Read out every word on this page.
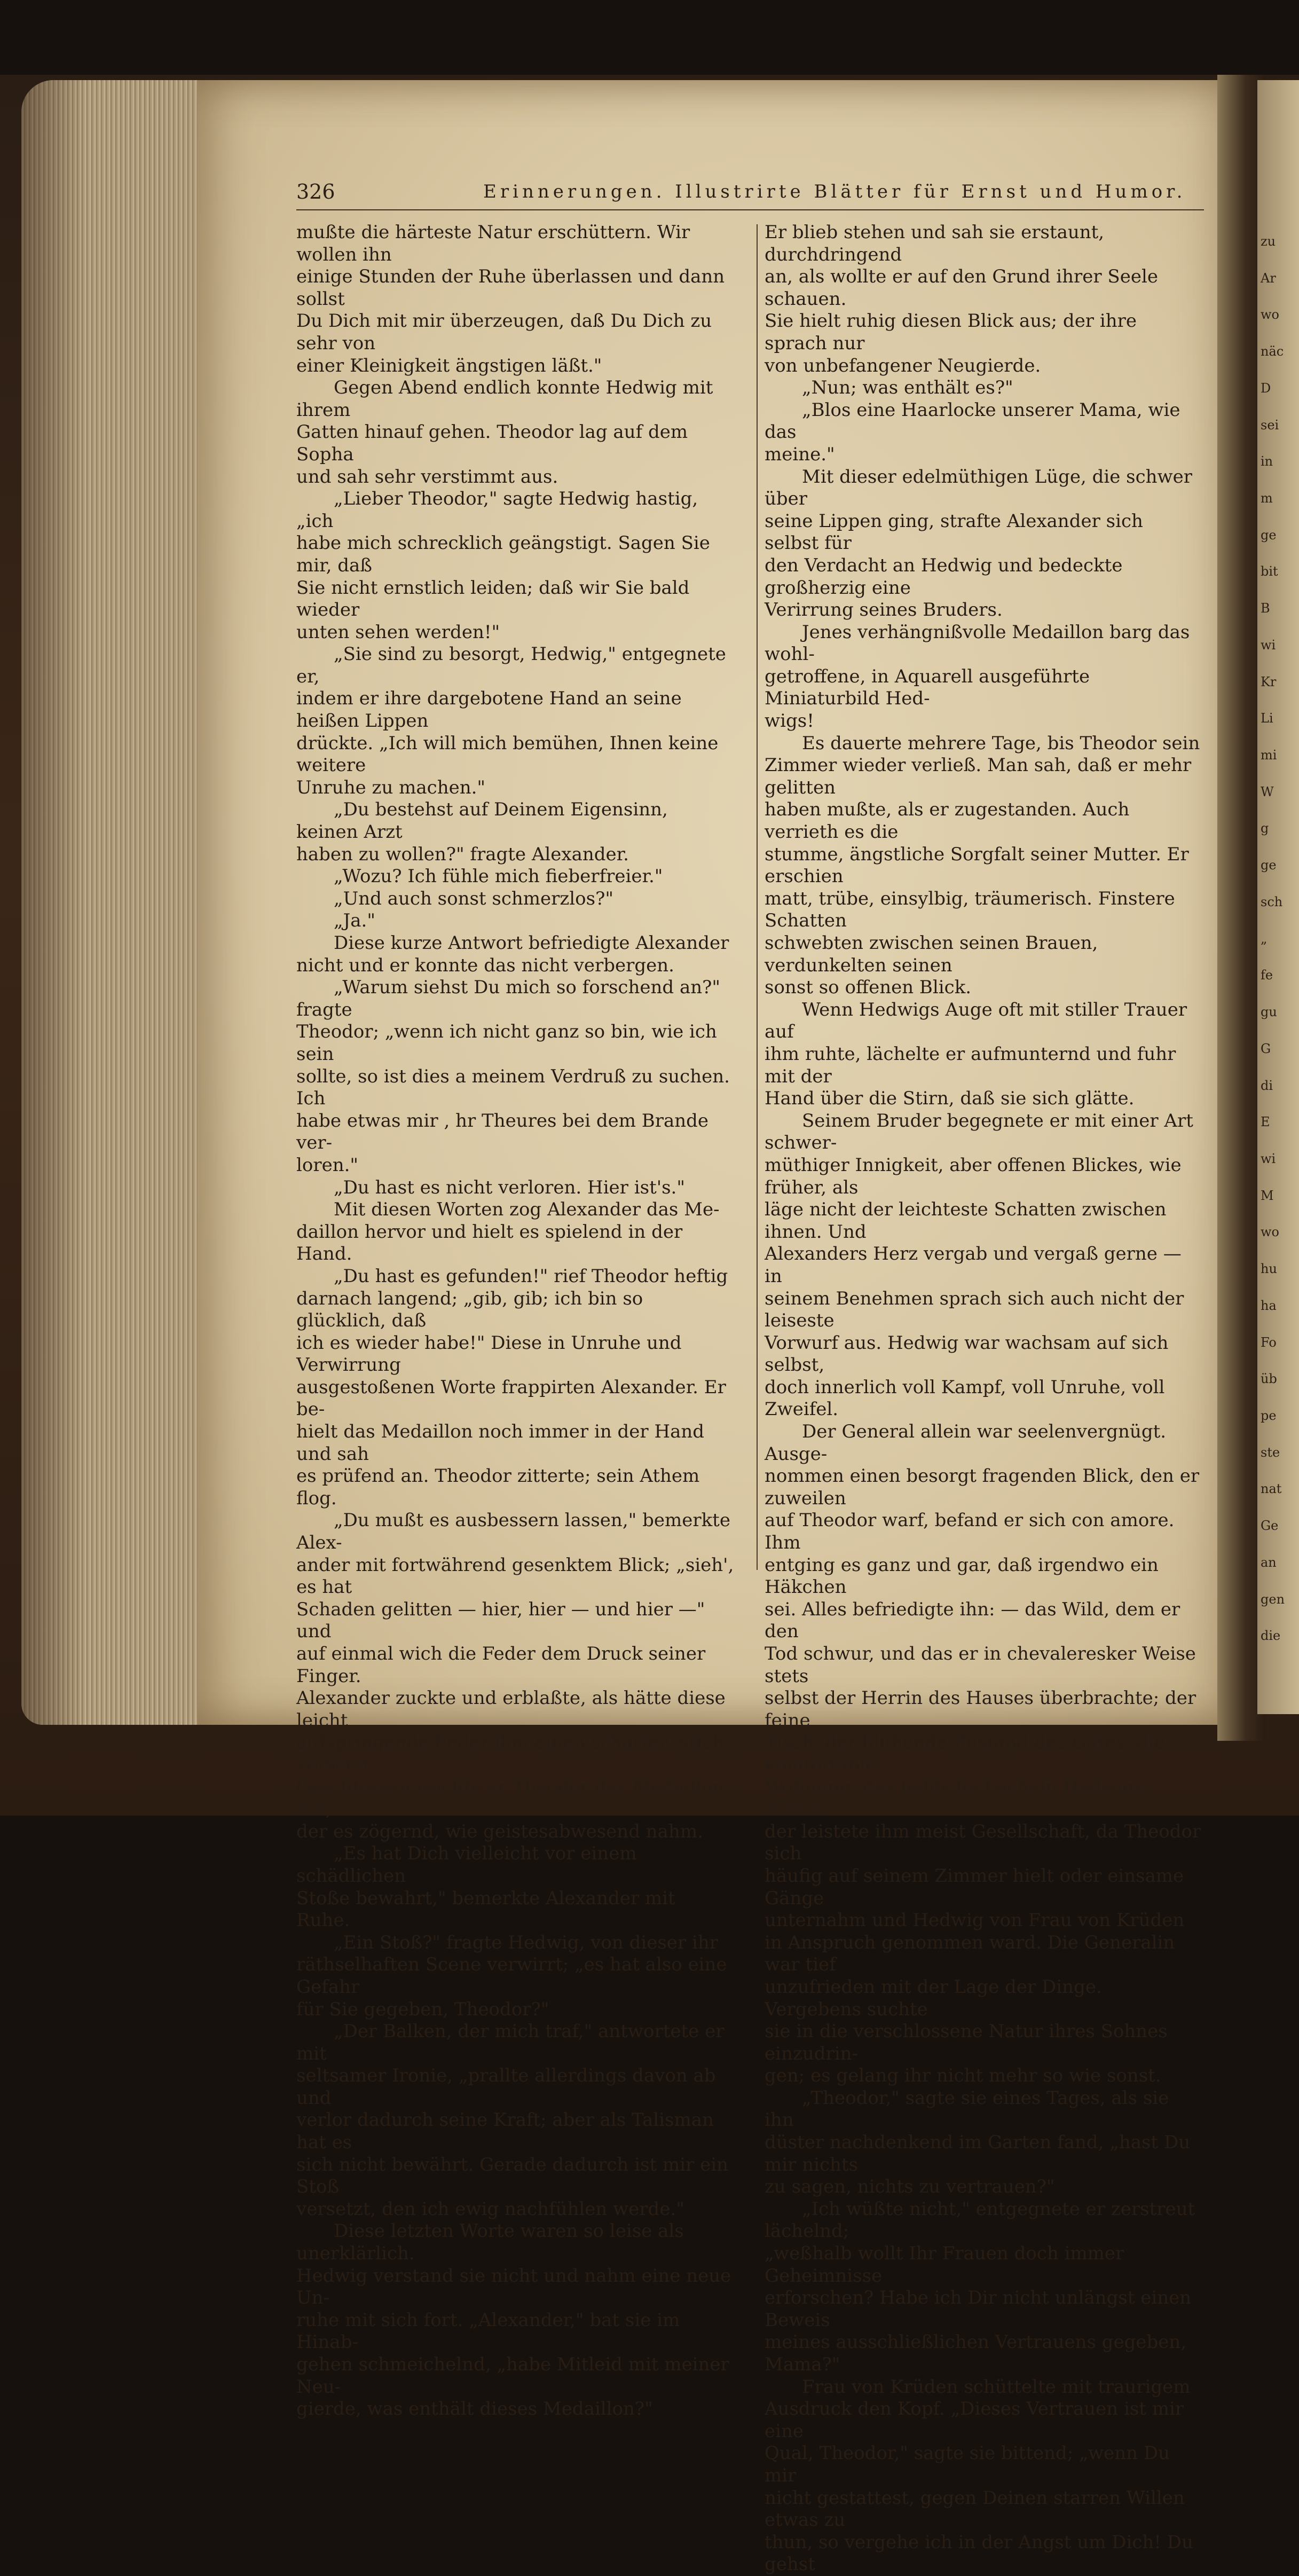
zu
Ar
wo
näc
D
sei
in
m
ge
bit
B
wi
Kr
Li
mi
W
g
ge
sch
„
fe
gu
G
di
E
wi
M
wo
hu
ha
Fo
üb
pe
ste
nat
Ge
an
gen
die
326	Erinnerungen. Illustrirte Blätter für Ernst und Humor.

mußte die härteste Natur erschüttern. Wir wollen ihn

einige Stunden der Ruhe überlassen und dann sollst

Du Dich mit mir überzeugen, daß Du Dich zu sehr von

einer Kleinigkeit ängstigen läßt."

Gegen Abend endlich konnte Hedwig mit ihrem

Gatten hinauf gehen. Theodor lag auf dem Sopha

und sah sehr verstimmt aus.

„Lieber Theodor," sagte Hedwig hastig, „ich

habe mich schrecklich geängstigt. Sagen Sie mir, daß

Sie nicht ernstlich leiden; daß wir Sie bald wieder

unten sehen werden!"

„Sie sind zu besorgt, Hedwig," entgegnete er,

indem er ihre dargebotene Hand an seine heißen Lippen

drückte. „Ich will mich bemühen, Ihnen keine weitere

Unruhe zu machen."

„Du bestehst auf Deinem Eigensinn, keinen Arzt

haben zu wollen?" fragte Alexander.

„Wozu? Ich fühle mich fieberfreier."

„Und auch sonst schmerzlos?"

„Ja."

Diese kurze Antwort befriedigte Alexander

nicht und er konnte das nicht verbergen.

„Warum siehst Du mich so forschend an?" fragte

Theodor; „wenn ich nicht ganz so bin, wie ich sein

sollte, so ist dies a meinem Verdruß zu suchen. Ich

habe etwas mir , hr Theures bei dem Brande ver-

loren."

„Du hast es nicht verloren. Hier ist's."

Mit diesen Worten zog Alexander das Me-

daillon hervor und hielt es spielend in der Hand.

„Du hast es gefunden!" rief Theodor heftig

darnach langend; „gib, gib; ich bin so glücklich, daß

ich es wieder habe!" Diese in Unruhe und Verwirrung

ausgestoßenen Worte frappirten Alexander. Er be-

hielt das Medaillon noch immer in der Hand und sah

es prüfend an. Theodor zitterte; sein Athem flog.

„Du mußt es ausbessern lassen," bemerkte Alex-

ander mit fortwährend gesenktem Blick; „sieh', es hat

Schaden gelitten — hier, hier — und hier —" und

auf einmal wich die Feder dem Druck seiner Finger.

Alexander zuckte und erblaßte, als hätte diese leicht

aufspringende Feder ihm einen scharfen Stich versetzt.

Geschlossen reichte er Theodor das Medaillon hin,

der es zögernd, wie geistesabwesend nahm.

„Es hat Dich vielleicht vor einem schädlichen

Stoße bewahrt," bemerkte Alexander mit Ruhe.

„Ein Stoß?" fragte Hedwig, von dieser ihr

räthselhaften Scene verwirrt; „es hat also eine Gefahr

für Sie gegeben, Theodor?"

„Der Balken, der mich traf," antwortete er mit

seltsamer Ironie, „prallte allerdings davon ab und

verlor dadurch seine Kraft; aber als Talisman hat es

sich nicht bewährt. Gerade dadurch ist mir ein Stoß

versetzt, den ich ewig nachfühlen werde."

Diese letzten Worte waren so leise als unerklärlich.

Hedwig verstand sie nicht und nahm eine neue Un-

ruhe mit sich fort. „Alexander," bat sie im Hinab-

gehen schmeichelnd, „habe Mitleid mit meiner Neu-

gierde, was enthält dieses Medaillon?"

Er blieb stehen und sah sie erstaunt, durchdringend

an, als wollte er auf den Grund ihrer Seele schauen.

Sie hielt ruhig diesen Blick aus; der ihre sprach nur

von unbefangener Neugierde.

„Nun; was enthält es?"

„Blos eine Haarlocke unserer Mama, wie das

meine."

Mit dieser edelmüthigen Lüge, die schwer über

seine Lippen ging, strafte Alexander sich selbst für

den Verdacht an Hedwig und bedeckte großherzig eine

Verirrung seines Bruders.

Jenes verhängnißvolle Medaillon barg das wohl-

getroffene, in Aquarell ausgeführte Miniaturbild Hed-

wigs!

Es dauerte mehrere Tage, bis Theodor sein

Zimmer wieder verließ. Man sah, daß er mehr gelitten

haben mußte, als er zugestanden. Auch verrieth es die

stumme, ängstliche Sorgfalt seiner Mutter. Er erschien

matt, trübe, einsylbig, träumerisch. Finstere Schatten

schwebten zwischen seinen Brauen, verdunkelten seinen

sonst so offenen Blick.

Wenn Hedwigs Auge oft mit stiller Trauer auf

ihm ruhte, lächelte er aufmunternd und fuhr mit der

Hand über die Stirn, daß sie sich glätte.

Seinem Bruder begegnete er mit einer Art schwer-

müthiger Innigkeit, aber offenen Blickes, wie früher, als

läge nicht der leichteste Schatten zwischen ihnen. Und

Alexanders Herz vergab und vergaß gerne — in

seinem Benehmen sprach sich auch nicht der leiseste

Vorwurf aus. Hedwig war wachsam auf sich selbst,

doch innerlich voll Kampf, voll Unruhe, voll Zweifel.

Der General allein war seelenvergnügt. Ausge-

nommen einen besorgt fragenden Blick, den er zuweilen

auf Theodor warf, befand er sich con amore. Ihm

entging es ganz und gar, daß irgendwo ein Häkchen

sei. Alles befriedigte ihn: — das Wild, dem er den

Tod schwur, und das er in chevaleresker Weise stets

selbst der Herrin des Hauses überbrachte; der feine

Tisch, der blühende Zustand des Gutes, die komfortable

Wohnung, das liebliche Lächeln Hedwigs. Alexan-

der leistete ihm meist Gesellschaft, da Theodor sich

häufig auf seinem Zimmer hielt oder einsame Gänge

unternahm und Hedwig von Frau von Krüden

in Anspruch genommen ward. Die Generalin war tief

unzufrieden mit der Lage der Dinge. Vergebens suchte

sie in die verschlossene Natur ihres Sohnes einzudrin-

gen; es gelang ihr nicht mehr so wie sonst.

„Theodor," sagte sie eines Tages, als sie ihn

düster nachdenkend im Garten fand, „hast Du mir nichts

zu sagen, nichts zu vertrauen?"

„Ich wüßte nicht," entgegnete er zerstreut lächelnd;

„weßhalb wollt Ihr Frauen doch immer Geheimnisse

erforschen? Habe ich Dir nicht unlängst einen Beweis

meines ausschließlichen Vertrauens gegeben, Mama?"

Frau von Krüden schüttelte mit traurigem

Ausdruck den Kopf. „Dieses Vertrauen ist mir eine

Qual, Theodor," sagte sie bittend; „wenn Du mir

nicht gestattest, gegen Deinen starren Willen etwas zu

thun, so vergehe ich in der Angst um Dich! Du gehst
